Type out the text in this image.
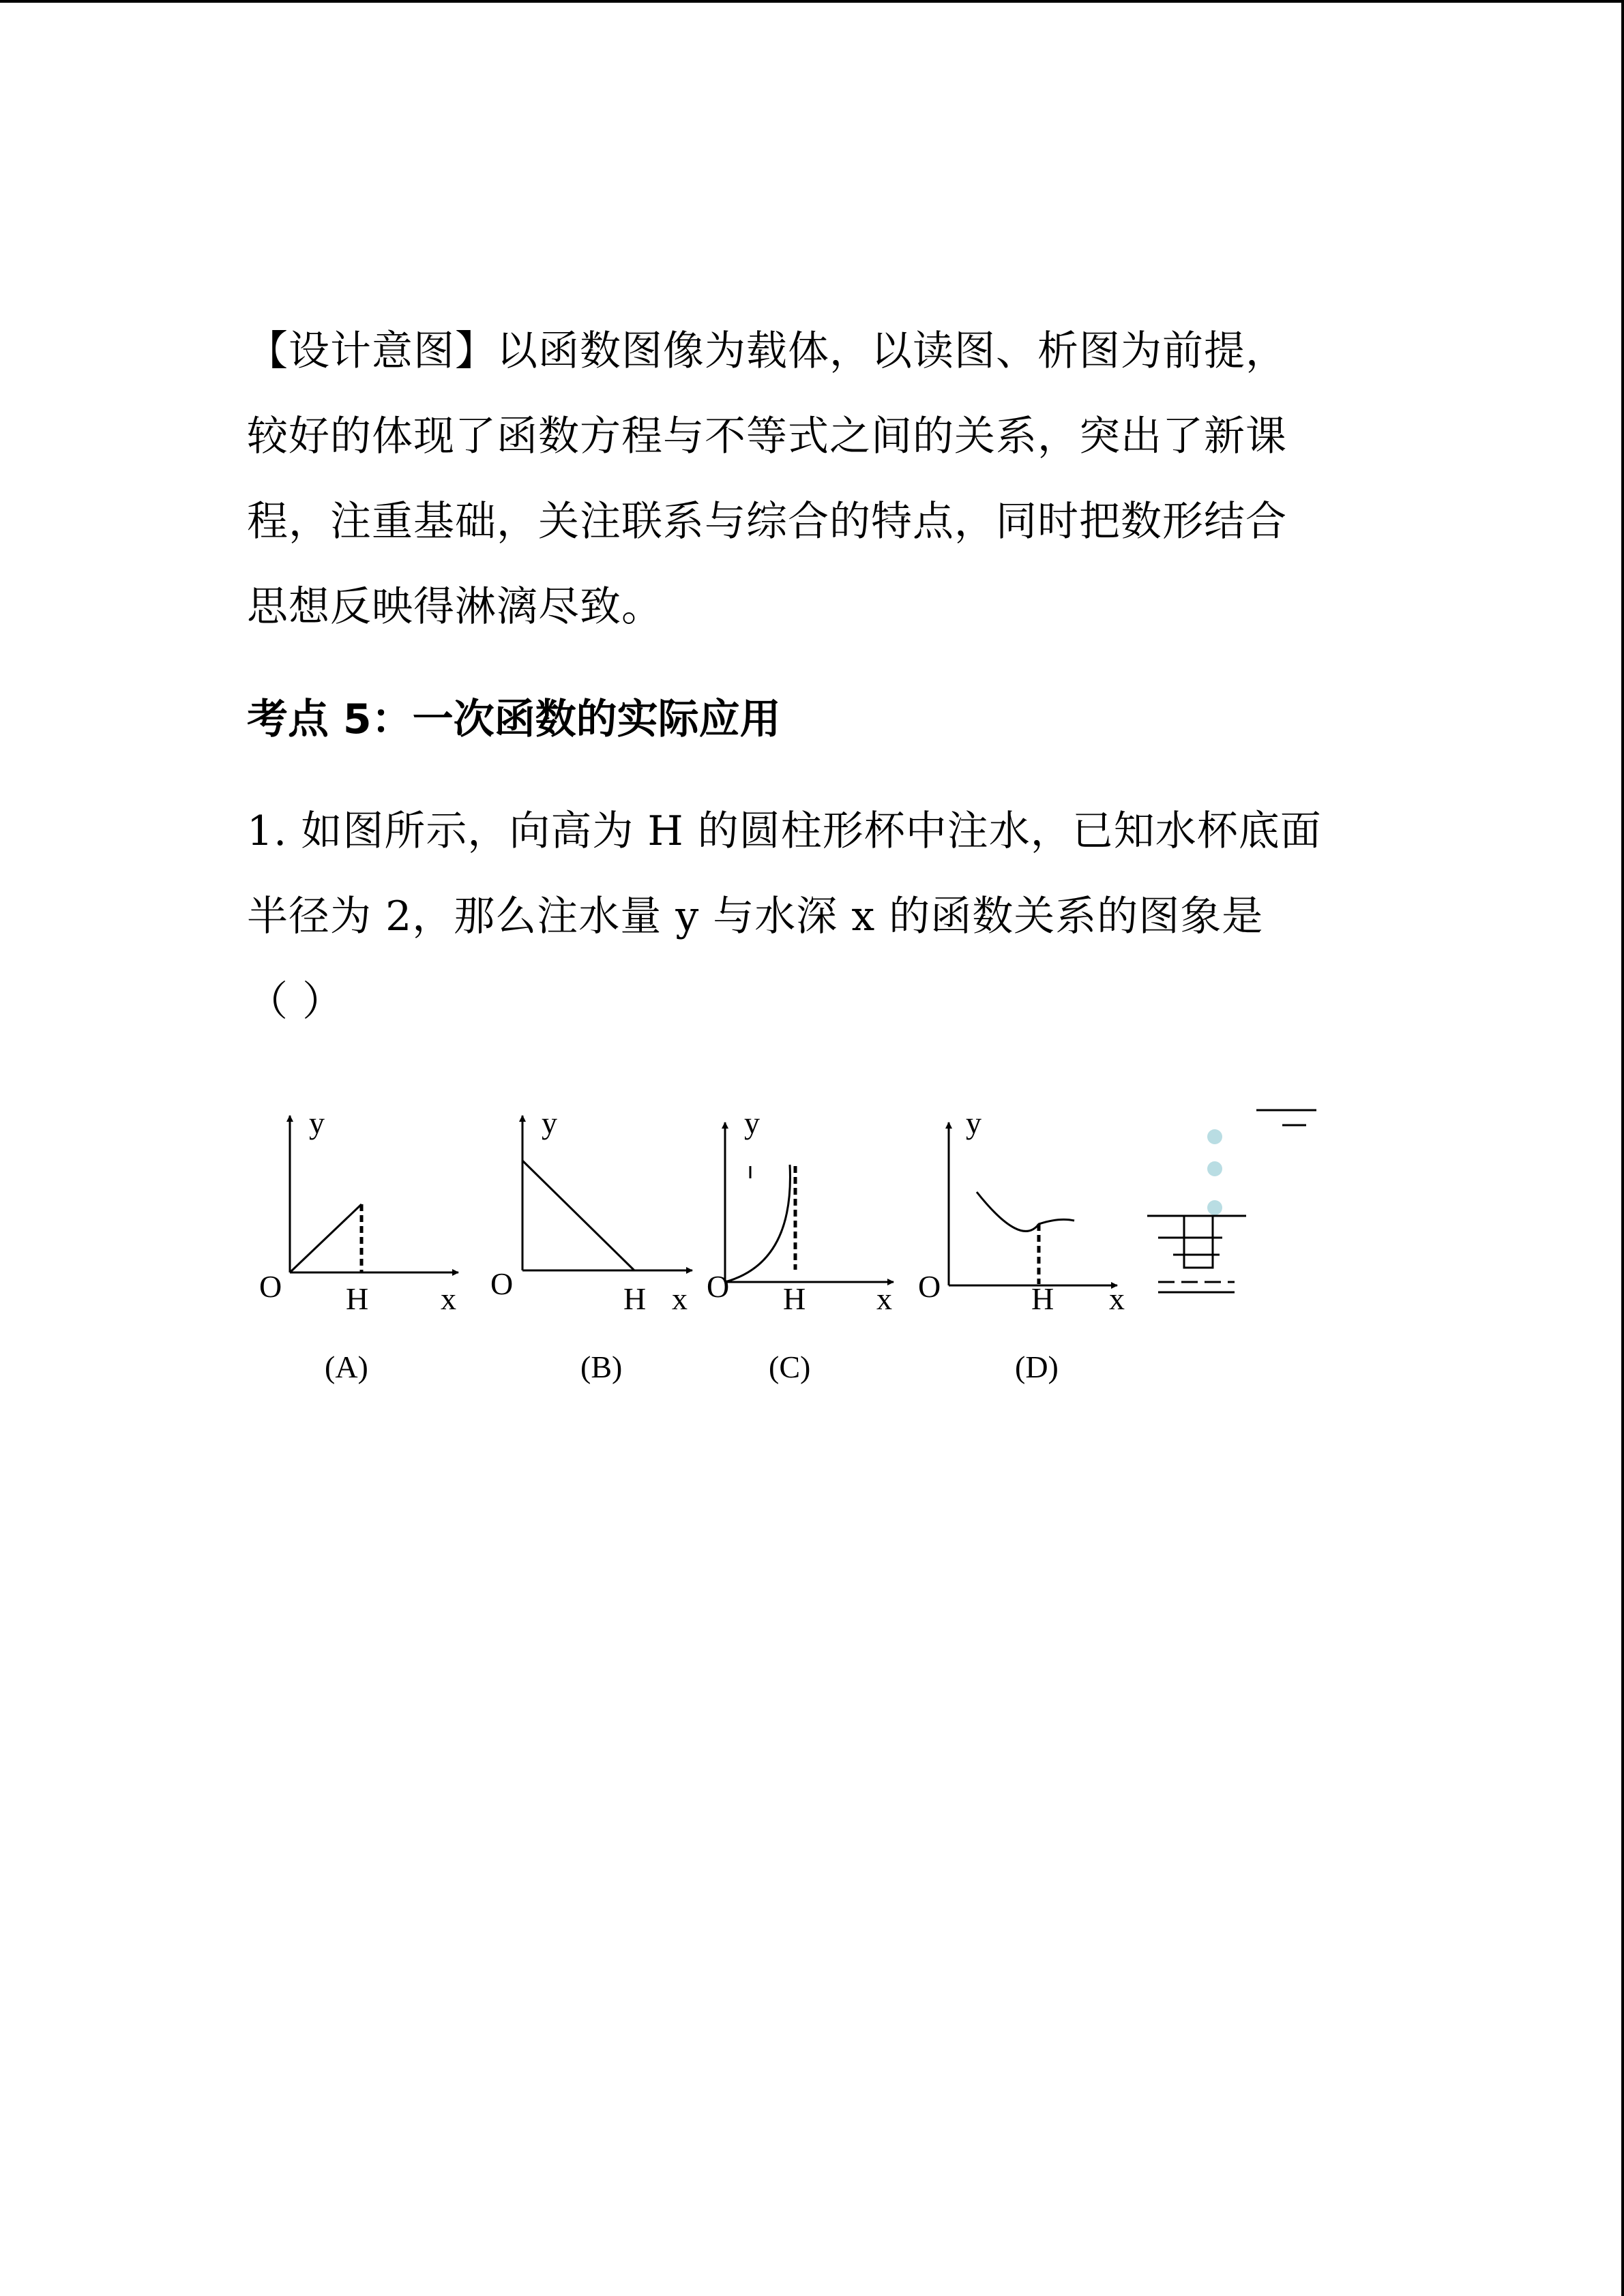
【设计意图】以函数图像为载体，以读图、析图为前提，

较好的体现了函数方程与不等式之间的关系，突出了新课

程，注重基础，关注联系与综合的特点，同时把数形结合

思想反映得淋漓尽致。

考点 5：一次函数的实际应用

1. 如图所示，向高为 H 的圆柱形杯中注水，已知水杯底面

半径为 2，那么注水量 y 与水深 x 的函数关系的图象是

（ ）

y
O H x
(A)
y
O	H x
(B)
y
O H x
(C)
y
O	H x
(D)
